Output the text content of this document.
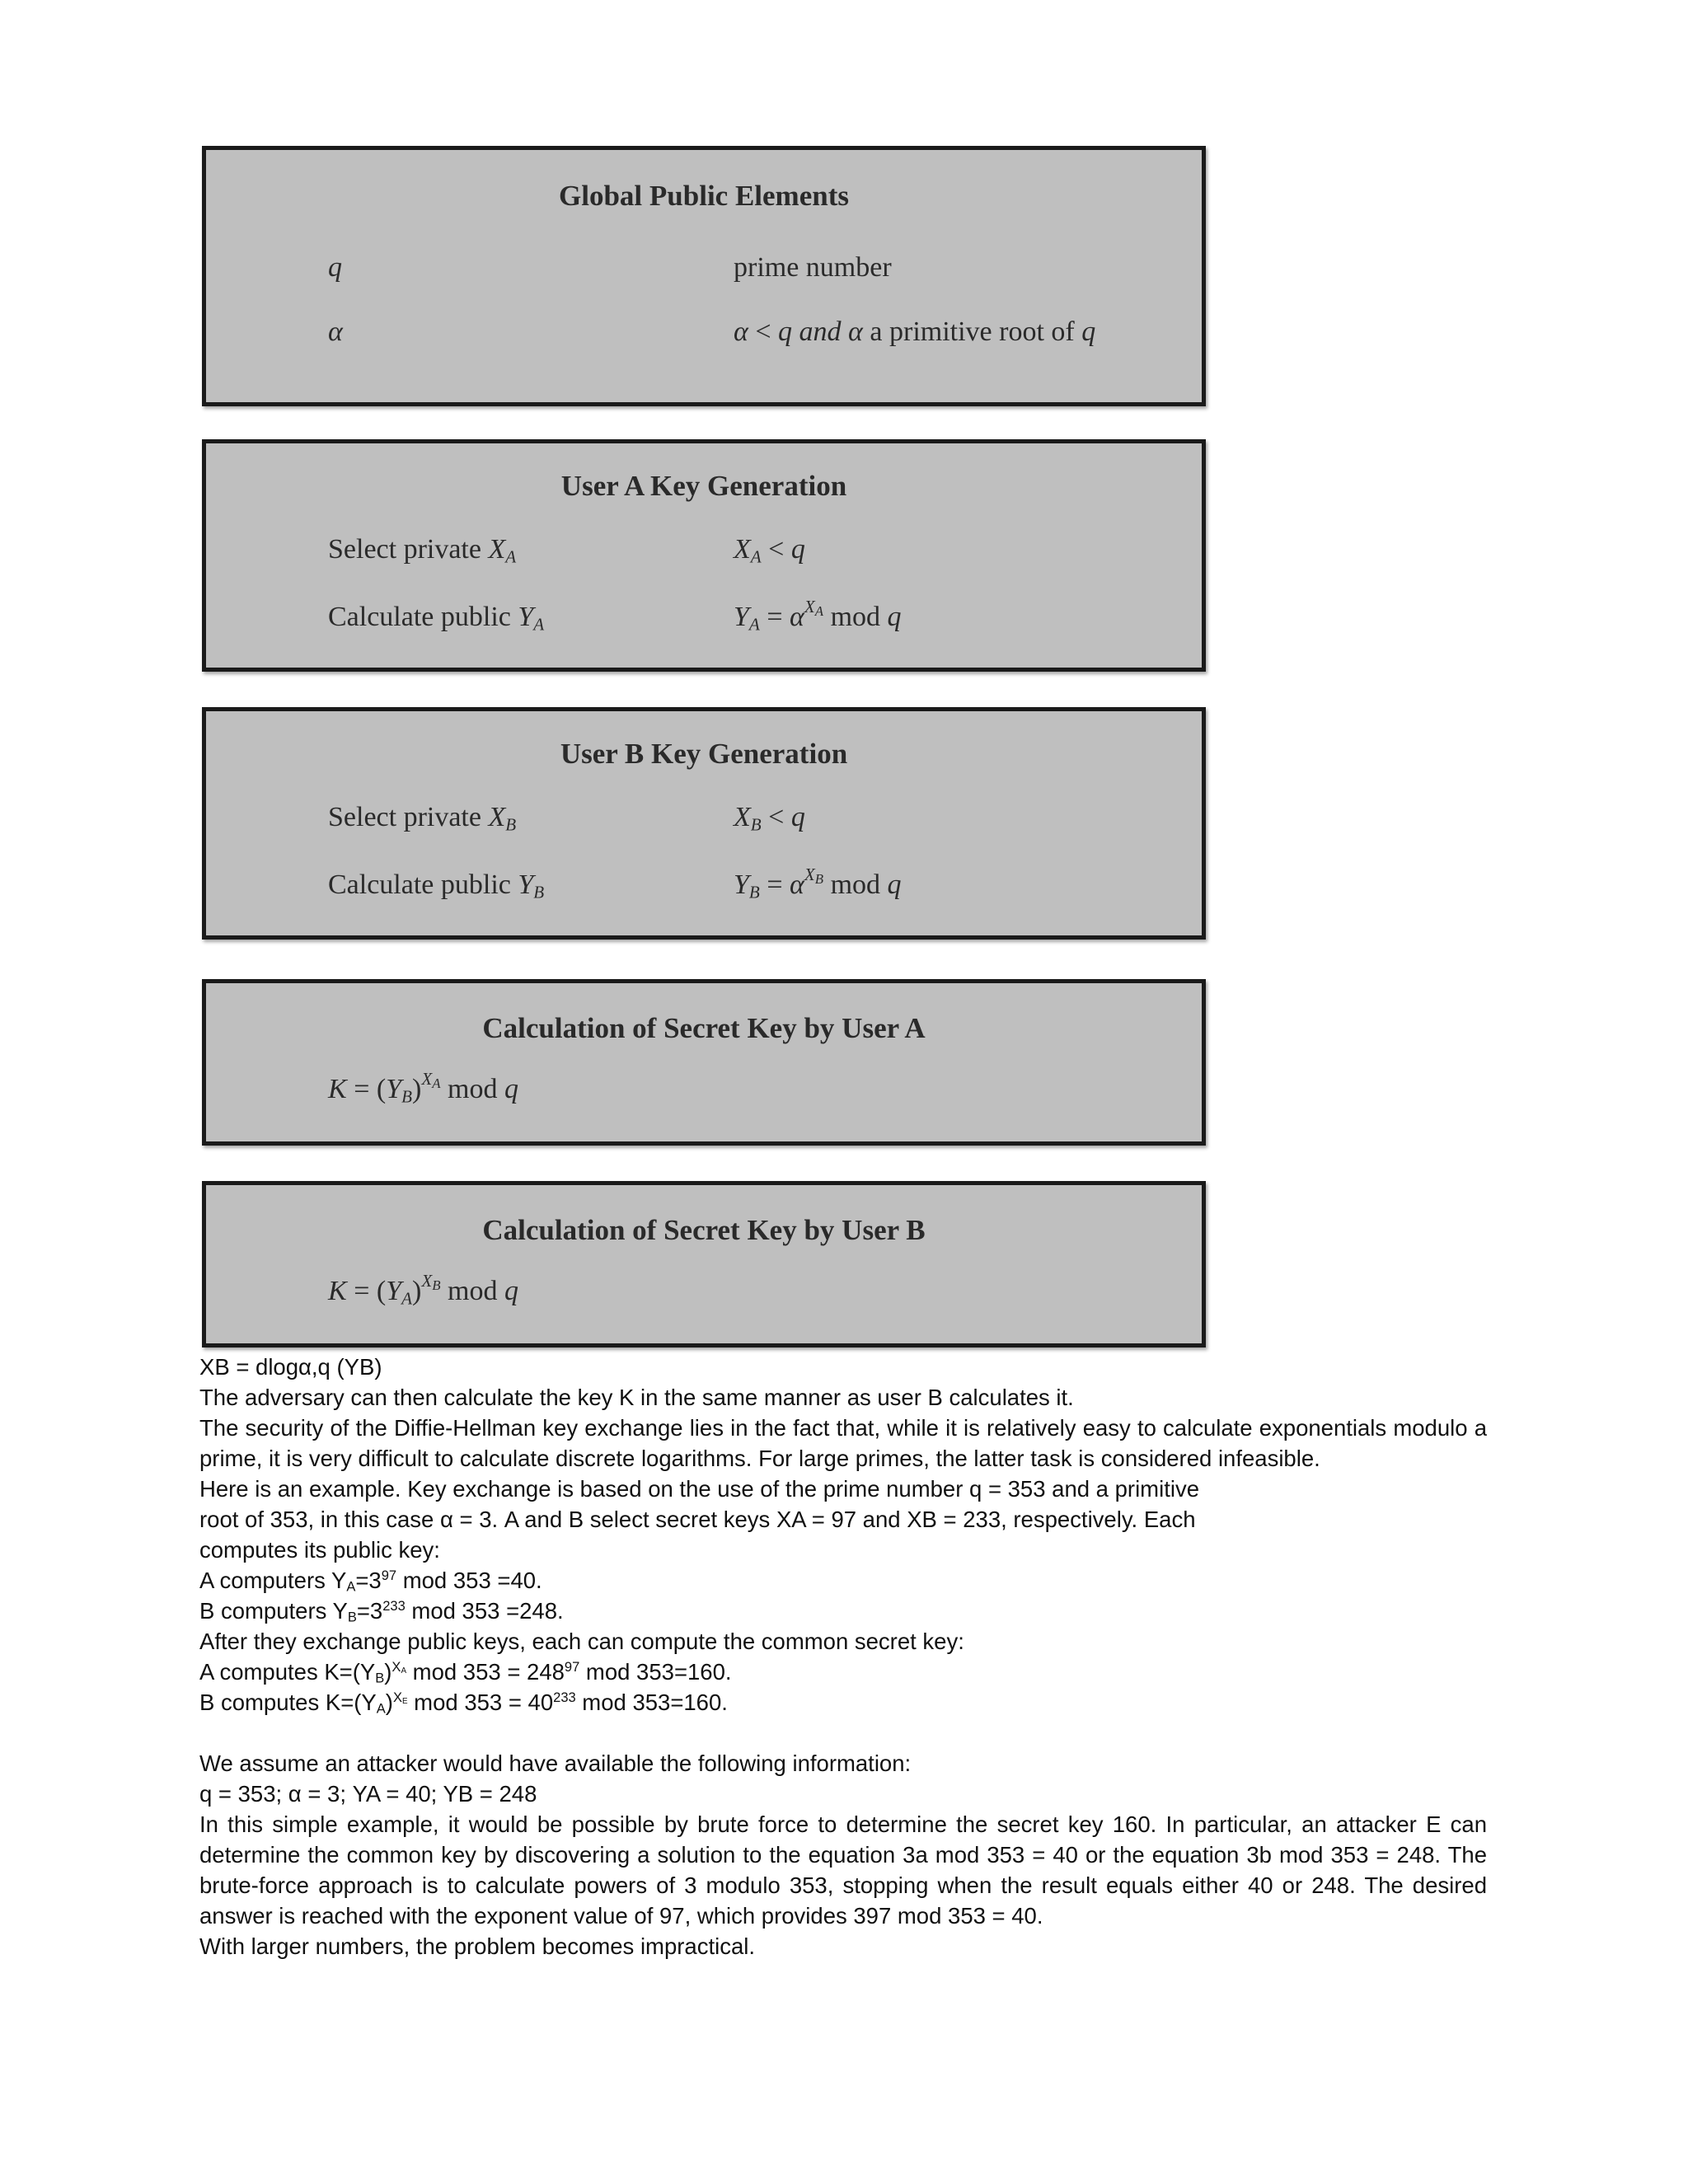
Global Public Elements
q	prime number
α	α < q and α a primitive root of q
User A Key Generation
Select private $X_A$	$X_A < q$
Calculate public $Y_A$	$Y_A = \alpha^{X_A}$ mod q
User B Key Generation
Select private $X_B$	$X_B < q$
Calculate public $Y_B$	$Y_B = \alpha^{X_B}$ mod q
Calculation of Secret Key by User A
$K = (Y_B)^{X_A}$ mod q
Calculation of Secret Key by User B
$K = (Y_A)^{X_B}$ mod q

XB = dlogα,q (YB)

The adversary can then calculate the key K in the same manner as user B calculates it.

The security of the Diffie-Hellman key exchange lies in the fact that, while it is relatively easy to calculate exponentials modulo a prime, it is very difficult to calculate discrete logarithms. For large primes, the latter task is considered infeasible.

Here is an example. Key exchange is based on the use of the prime number q = 353 and a primitive

root of 353, in this case α = 3. A and B select secret keys XA = 97 and XB = 233, respectively. Each

computes its public key:

A computers $Y_A=3^{97}$ mod 353 =40.

B computers $Y_B=3^{233}$ mod 353 =248.

After they exchange public keys, each can compute the common secret key:

A computes $K=(Y_B)^{X_A}$ mod $353 = 248^{97}$ mod 353=160.

B computes $K=(Y_A)^{X_E}$ mod $353 = 40^{233}$ mod 353=160.

We assume an attacker would have available the following information:

q = 353; α = 3; YA = 40; YB = 248

In this simple example, it would be possible by brute force to determine the secret key 160. In particular, an attacker E can determine the common key by discovering a solution to the equation 3a mod 353 = 40 or the equation 3b mod 353 = 248. The brute-force approach is to calculate powers of 3 modulo 353, stopping when the result equals either 40 or 248. The desired answer is reached with the exponent value of 97, which provides 397 mod 353 = 40.

With larger numbers, the problem becomes impractical.
